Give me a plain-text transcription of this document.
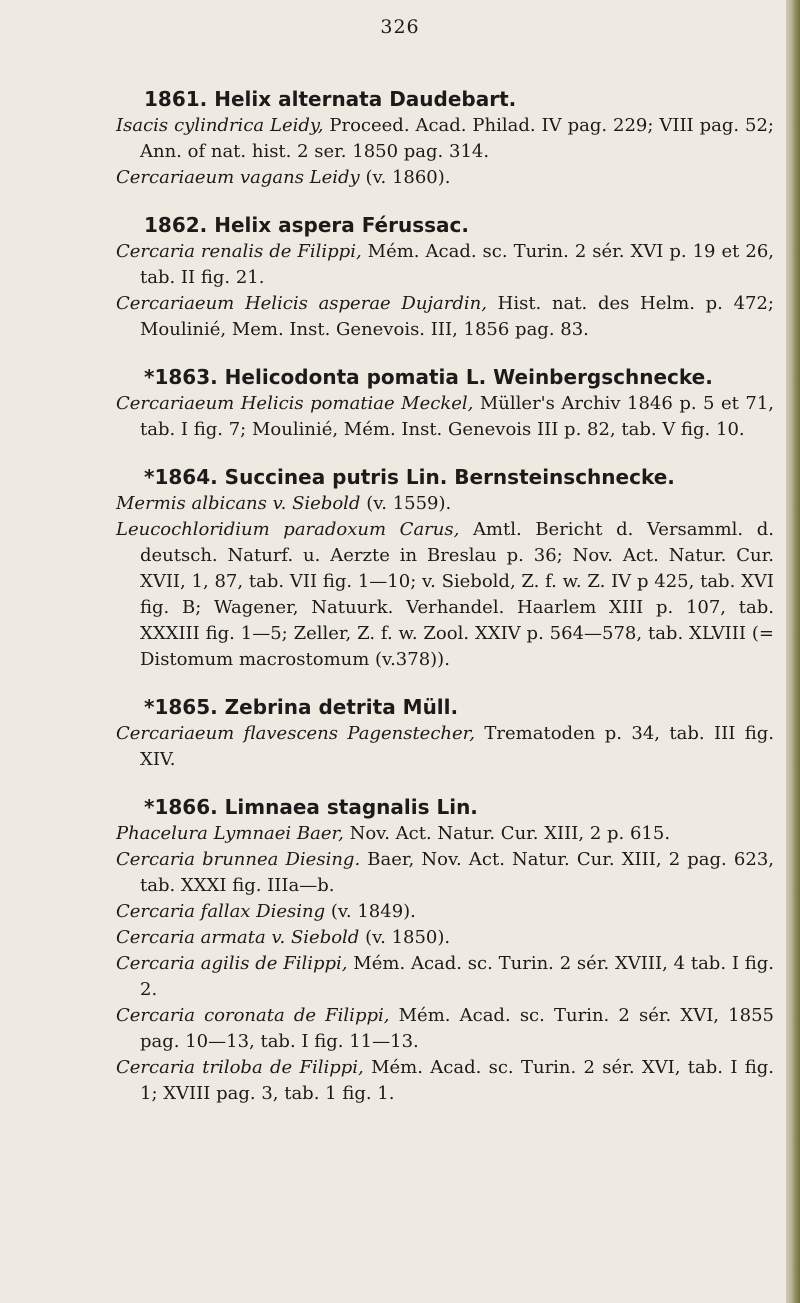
326
1861. Helix alternata Daudebart.

Isacis cylindrica Leidy, Proceed. Acad. Philad. IV pag. 229; VIII pag. 52; Ann. of nat. hist. 2 ser. 1850 pag. 314.

Cercariaeum vagans Leidy (v. 1860).

1862. Helix aspera Férussac.

Cercaria renalis de Filippi, Mém. Acad. sc. Turin. 2 sér. XVI p. 19 et 26, tab. II fig. 21.

Cercariaeum Helicis asperae Dujardin, Hist. nat. des Helm. p. 472; Moulinié, Mem. Inst. Genevois. III, 1856 pag. 83.

*1863. Helicodonta pomatia L. Weinbergschnecke.

Cercariaeum Helicis pomatiae Meckel, Müller's Archiv 1846 p. 5 et 71, tab. I fig. 7; Moulinié, Mém. Inst. Genevois III p. 82, tab. V fig. 10.

*1864. Succinea putris Lin. Bernsteinschnecke.

Mermis albicans v. Siebold (v. 1559).

Leucochloridium paradoxum Carus, Amtl. Bericht d. Versamml. d. deutsch. Naturf. u. Aerzte in Breslau p. 36; Nov. Act. Natur. Cur. XVII, 1, 87, tab. VII fig. 1—10; v. Siebold, Z. f. w. Z. IV p 425, tab. XVI fig. B; Wagener, Natuurk. Verhandel. Haarlem XIII p. 107, tab. XXXIII fig. 1—5; Zeller, Z. f. w. Zool. XXIV p. 564—578, tab. XLVIII (= Distomum macrostomum (v.378)).

*1865. Zebrina detrita Müll.

Cercariaeum flavescens Pagenstecher, Trematoden p. 34, tab. III fig. XIV.

*1866. Limnaea stagnalis Lin.

Phacelura Lymnaei Baer, Nov. Act. Natur. Cur. XIII, 2 p. 615.

Cercaria brunnea Diesing. Baer, Nov. Act. Natur. Cur. XIII, 2 pag. 623, tab. XXXI fig. IIIa—b.

Cercaria fallax Diesing (v. 1849).

Cercaria armata v. Siebold (v. 1850).

Cercaria agilis de Filippi, Mém. Acad. sc. Turin. 2 sér. XVIII, 4 tab. I fig. 2.

Cercaria coronata de Filippi, Mém. Acad. sc. Turin. 2 sér. XVI, 1855 pag. 10—13, tab. I fig. 11—13.

Cercaria triloba de Filippi, Mém. Acad. sc. Turin. 2 sér. XVI, tab. I fig. 1; XVIII pag. 3, tab. 1 fig. 1.
